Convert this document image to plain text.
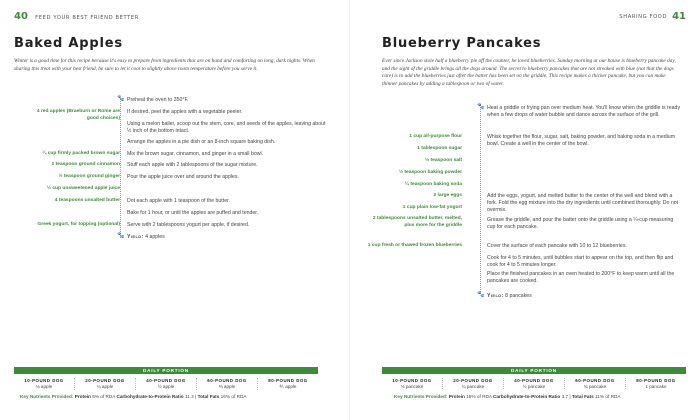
40 FEED YOUR BEST FRIEND BETTER
Baked Apples
Winter is a good time for this recipe because it's easy to prepare from ingredients that are on hand and comforting on long, dark nights. When sharing this treat with your best friend, be sure to let it cool to slightly above room temperature before you serve it.
4 red apples (Braeburn or Rome are good choices)
¼ cup firmly packed brown sugar
1 teaspoon ground cinnamon
½ teaspoon ground ginger
½ cup unsweetened apple juice
4 teaspoons unsalted butter
Greek yogurt, for topping (optional)
🐾 Preheat the oven to 350°F.
If desired, peel the apples with a vegetable peeler.
Using a melon baller, scoop out the stem, core, and seeds of the apples, leaving about ½ inch of the bottom intact.
Arrange the apples in a pie dish or an 8-inch square baking dish.
Mix the brown sugar, cinnamon, and ginger in a small bowl.
Stuff each apple with 2 tablespoons of the sugar mixture.
Pour the apple juice over and around the apples.
Dot each apple with 1 teaspoon of the butter.
Bake for 1 hour, or until the apples are puffed and tender.
Serve with 2 tablespoons yogurt per apple, if desired.
🐾 Yield: 4 apples
DAILY PORTION
10-POUND DOG
⅛ apple
20-POUND DOG
¼ apple
40-POUND DOG
½ apple
60-POUND DOG
⅔ apple
80-POUND DOG
⅘ apple
Key Nutrients Provided: Protein 6% of RDA Carbohydrate-to-Protein Ratio 11.3 | Total Fats 16% of RDA
SHARING FOOD 41
Blueberry Pancakes
Ever since Jackson stole half a blueberry pie off the counter, he loved blueberries. Sunday morning at our house is blueberry pancake day, and the sight of the griddle brings all the dogs around. The secret to blueberry pancakes that are not streaked with blue (not that the dogs care) is to add the blueberries just after the batter has been set on the griddle. This recipe makes a thicker pancake, but you can make thinner pancakes by adding a tablespoon or two of water.
1 cup all-purpose flour
1 tablespoon sugar
½ teaspoon salt
½ teaspoon baking powder
¼ teaspoon baking soda
2 large eggs
1 cup plain low-fat yogurt
2 tablespoons unsalted butter, melted, plus more for the griddle
1 cup fresh or thawed frozen blueberries
🐾 Heat a griddle or frying pan over medium heat. You'll know when the griddle is ready when a few drops of water bubble and dance across the surface of the grill.
Whisk together the flour, sugar, salt, baking powder, and baking soda in a medium bowl. Create a well in the center of the bowl.
Add the eggs, yogurt, and melted butter to the center of the well and blend with a fork. Fold the egg mixture into the dry ingredients until combined thoroughly. Do not overmix.
Grease the griddle, and pour the batter onto the griddle using a ¼-cup measuring cup for each pancake.
Cover the surface of each pancake with 10 to 12 blueberries.
Cook for 4 to 5 minutes, until bubbles start to appear on the top, and then flip and cook for 4 to 5 minutes longer.
Place the finished pancakes in an oven heated to 200°F to keep warm until all the pancakes are cooked.
🐾 Yield: 8 pancakes
DAILY PORTION
10-POUND DOG
⅛ pancake
20-POUND DOG
¼ pancake
40-POUND DOG
½ pancake
60-POUND DOG
¾ pancake
80-POUND DOG
1 pancake
Key Nutrients Provided: Protein 15% of RDA Carbohydrate-to-Protein Ratio 3.7 | Total Fats 11% of RDA
